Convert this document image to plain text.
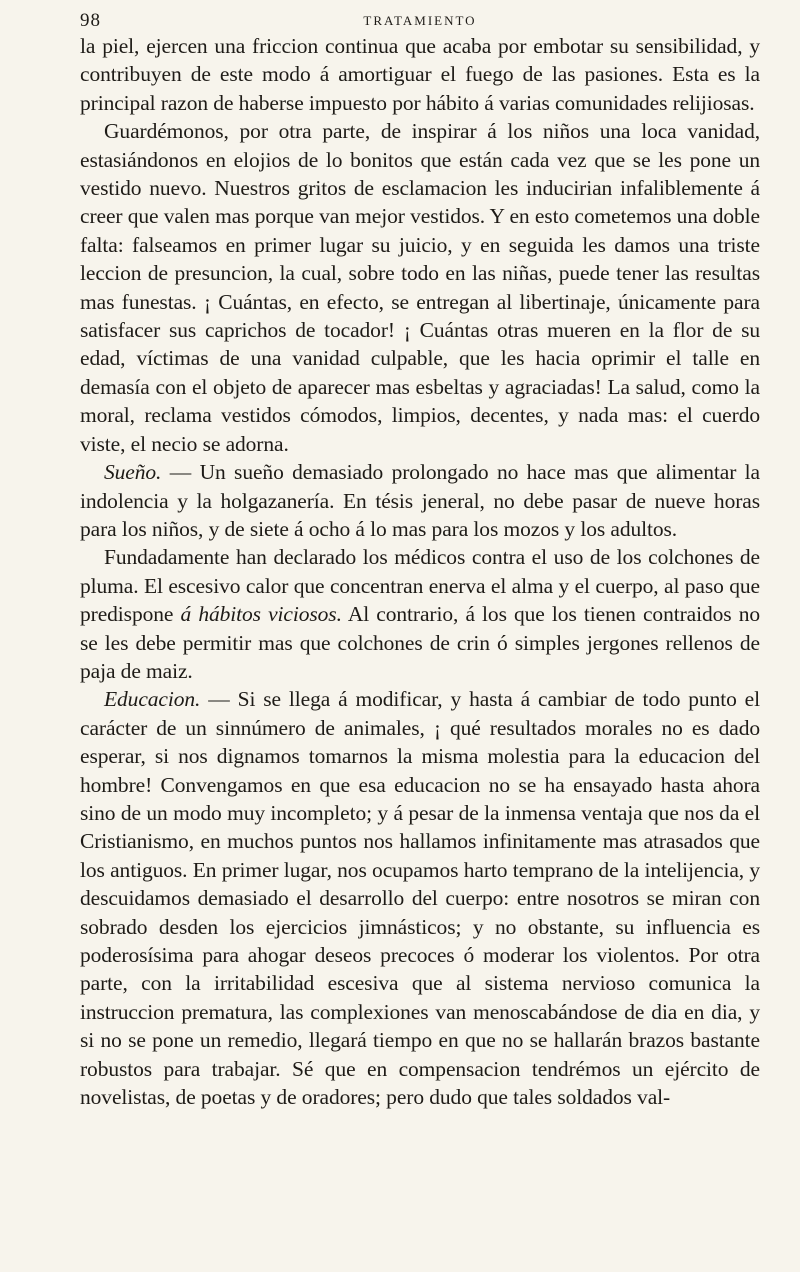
98	TRATAMIENTO

la piel, ejercen una friccion continua que acaba por embotar su sensibilidad, y contribuyen de este modo á amortiguar el fuego de las pasiones. Esta es la principal razon de haberse impuesto por hábito á varias comunidades relijiosas.

Guardémonos, por otra parte, de inspirar á los niños una loca vanidad, estasiándonos en elojios de lo bonitos que están cada vez que se les pone un vestido nuevo. Nuestros gritos de esclamacion les inducirian infaliblemente á creer que valen mas porque van mejor vestidos. Y en esto cometemos una doble falta: falseamos en primer lugar su juicio, y en seguida les damos una triste leccion de presuncion, la cual, sobre todo en las niñas, puede tener las resultas mas funestas. ¡ Cuántas, en efecto, se entregan al libertinaje, únicamente para satisfacer sus caprichos de tocador! ¡ Cuántas otras mueren en la flor de su edad, víctimas de una vanidad culpable, que les hacia oprimir el talle en demasía con el objeto de aparecer mas esbeltas y agraciadas! La salud, como la moral, reclama vestidos cómodos, limpios, decentes, y nada mas: el cuerdo viste, el necio se adorna.

Sueño. — Un sueño demasiado prolongado no hace mas que alimentar la indolencia y la holgazanería. En tésis jeneral, no debe pasar de nueve horas para los niños, y de siete á ocho á lo mas para los mozos y los adultos.

Fundadamente han declarado los médicos contra el uso de los colchones de pluma. El escesivo calor que concentran enerva el alma y el cuerpo, al paso que predispone á hábitos viciosos. Al contrario, á los que los tienen contraidos no se les debe permitir mas que colchones de crin ó simples jergones rellenos de paja de maiz.

Educacion. — Si se llega á modificar, y hasta á cambiar de todo punto el carácter de un sinnúmero de animales, ¡ qué resultados morales no es dado esperar, si nos dignamos tomarnos la misma molestia para la educacion del hombre! Convengamos en que esa educacion no se ha ensayado hasta ahora sino de un modo muy incompleto; y á pesar de la inmensa ventaja que nos da el Cristianismo, en muchos puntos nos hallamos infinitamente mas atrasados que los antiguos. En primer lugar, nos ocupamos harto temprano de la intelijencia, y descuidamos demasiado el desarrollo del cuerpo: entre nosotros se miran con sobrado desden los ejercicios jimnásticos; y no obstante, su influencia es poderosísima para ahogar deseos precoces ó moderar los violentos. Por otra parte, con la irritabilidad escesiva que al sistema nervioso comunica la instruccion prematura, las complexiones van menoscabándose de dia en dia, y si no se pone un remedio, llegará tiempo en que no se hallarán brazos bastante robustos para trabajar. Sé que en compensacion tendrémos un ejército de novelistas, de poetas y de oradores; pero dudo que tales soldados val-
